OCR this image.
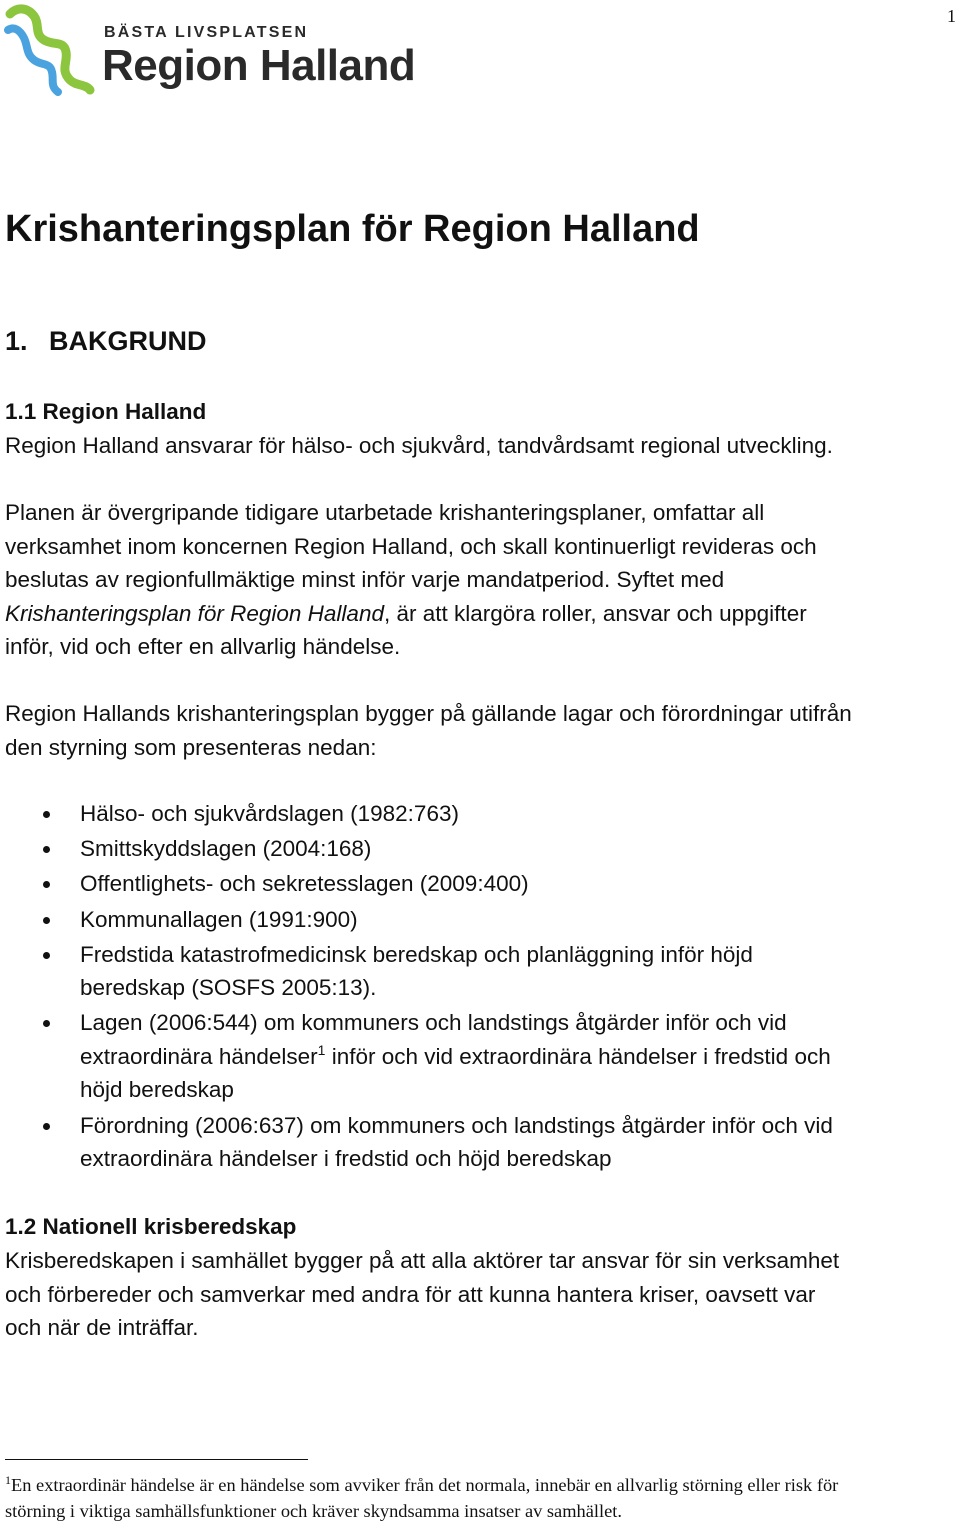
1
BÄSTA LIVSPLATSEN
Region Halland
Krishanteringsplan för Region Halland
1. BAKGRUND
1.1 Region Halland

Region Halland ansvarar för hälso- och sjukvård, tandvårdsamt regional utveckling.

Planen är övergripande tidigare utarbetade krishanteringsplaner, omfattar all
verksamhet inom koncernen Region Halland, och skall kontinuerligt revideras och
beslutas av regionfullmäktige minst inför varje mandatperiod. Syftet med
Krishanteringsplan för Region Halland, är att klargöra roller, ansvar och uppgifter
inför, vid och efter en allvarlig händelse.

Region Hallands krishanteringsplan bygger på gällande lagar och förordningar utifrån
den styrning som presenteras nedan:

Hälso- och sjukvårdslagen (1982:763)
Smittskyddslagen (2004:168)
Offentlighets- och sekretesslagen (2009:400)
Kommunallagen (1991:900)
Fredstida katastrofmedicinsk beredskap och planläggning inför höjd
beredskap (SOSFS 2005:13).
Lagen (2006:544) om kommuners och landstings åtgärder inför och vid
extraordinära händelser$^1$ inför och vid extraordinära händelser i fredstid och
höjd beredskap
Förordning (2006:637) om kommuners och landstings åtgärder inför och vid
extraordinära händelser i fredstid och höjd beredskap
1.2 Nationell krisberedskap

Krisberedskapen i samhället bygger på att alla aktörer tar ansvar för sin verksamhet
och förbereder och samverkar med andra för att kunna hantera kriser, oavsett var
och när de inträffar.

$^1$En extraordinär händelse är en händelse som avviker från det normala, innebär en allvarlig störning eller risk för
störning i viktiga samhällsfunktioner och kräver skyndsamma insatser av samhället.
